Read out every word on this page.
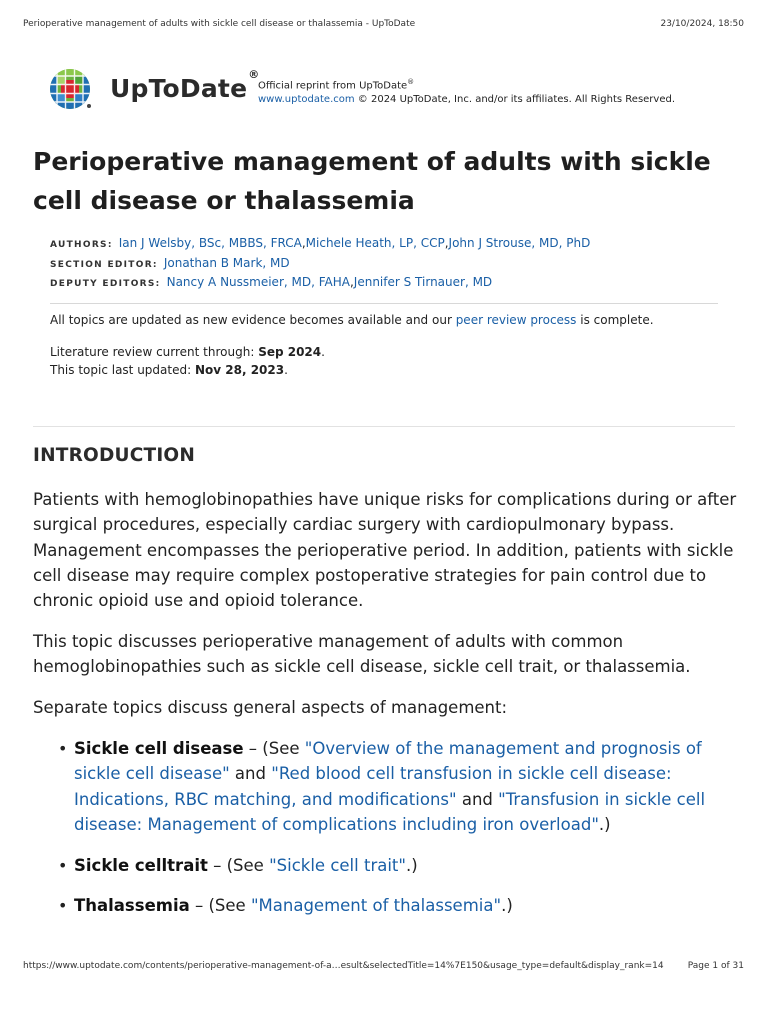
Perioperative management of adults with sickle cell disease or thalassemia - UpToDate	23/10/2024, 18:50
UpToDate®
Official reprint from UpToDate®
www.uptodate.com © 2024 UpToDate, Inc. and/or its affiliates. All Rights Reserved.
Perioperative management of adults with sickle cell disease or thalassemia
AUTHORS: Ian J Welsby, BSc, MBBS, FRCA , Michele Heath, LP, CCP , John J Strouse, MD, PhD
SECTION EDITOR: Jonathan B Mark, MD
DEPUTY EDITORS: Nancy A Nussmeier, MD, FAHA , Jennifer S Tirnauer, MD
All topics are updated as new evidence becomes available and our peer review process is complete.
Literature review current through: Sep 2024.
This topic last updated: Nov 28, 2023.
INTRODUCTION

Patients with hemoglobinopathies have unique risks for complications during or after surgical procedures, especially cardiac surgery with cardiopulmonary bypass. Management encompasses the perioperative period. In addition, patients with sickle cell disease may require complex postoperative strategies for pain control due to chronic opioid use and opioid tolerance.

This topic discusses perioperative management of adults with common hemoglobinopathies such as sickle cell disease, sickle cell trait, or thalassemia.

Separate topics discuss general aspects of management:

• Sickle cell disease – (See "Overview of the management and prognosis of sickle cell disease" and "Red blood cell transfusion in sickle cell disease: Indications, RBC matching, and modifications" and "Transfusion in sickle cell disease: Management of complications including iron overload".)
• Sickle celltrait – (See "Sickle cell trait".)
• Thalassemia – (See "Management of thalassemia".)
https://www.uptodate.com/contents/perioperative-management-of-a…esult&selectedTitle=14%7E150&usage_type=default&display_rank=14	Page 1 of 31
